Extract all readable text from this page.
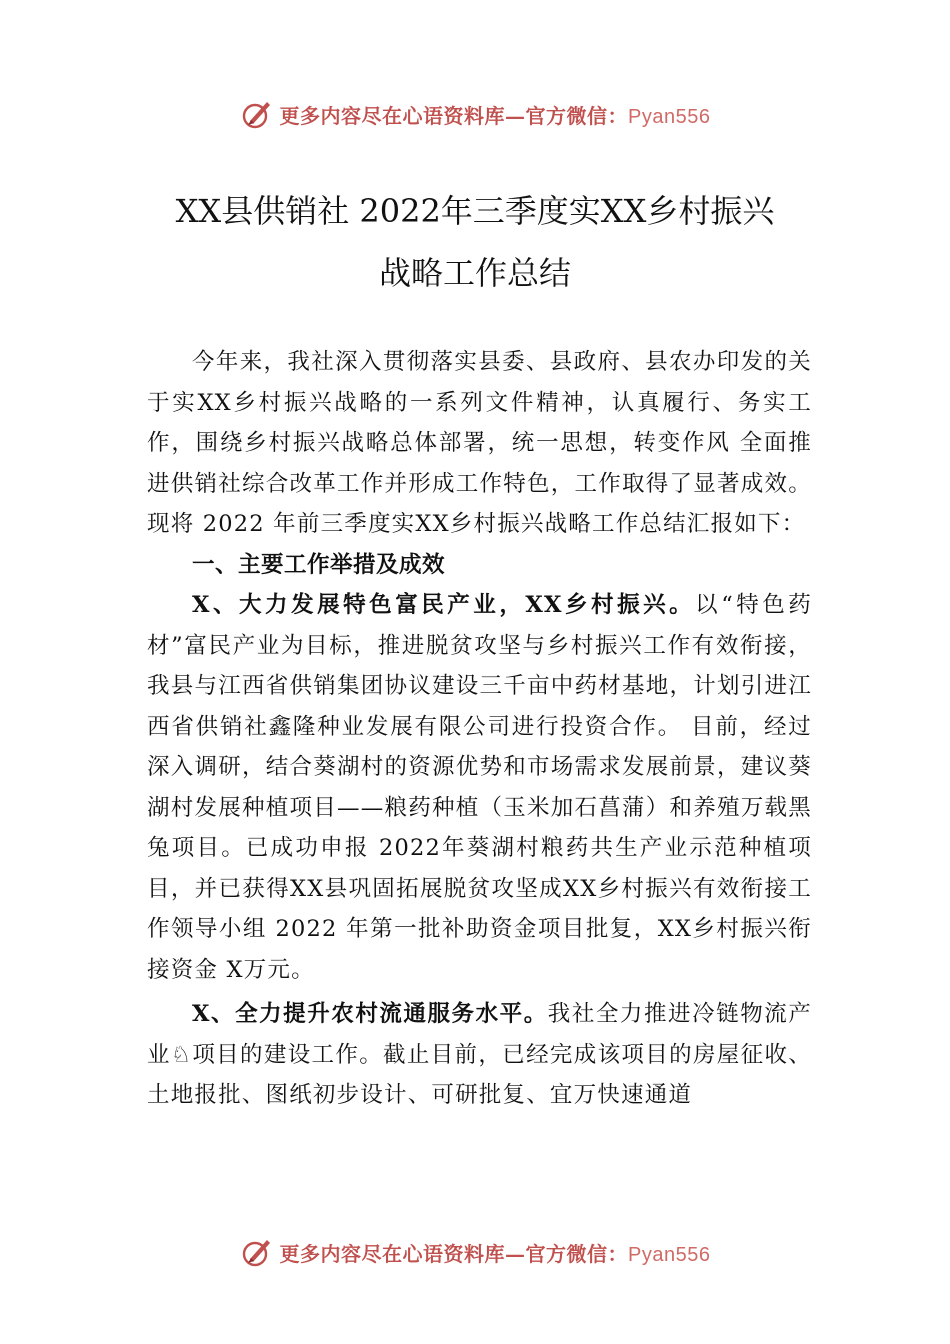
更多内容尽在心语资料库—官方微信：Pyan556
XX县供销社 2022年三季度实XX乡村振兴
战略工作总结

今年来，我社深入贯彻落实县委、县政府、县农办印发的关于实XX乡村振兴战略的一系列文件精神，认真履行、务实工作，围绕乡村振兴战略总体部署，统一思想，转变作风 全面推进供销社综合改革工作并形成工作特色，工作取得了显著成效。现将 2022 年前三季度实XX乡村振兴战略工作总结汇报如下：

一、主要工作举措及成效

X、大力发展特色富民产业，XX乡村振兴。以“特色药材”富民产业为目标，推进脱贫攻坚与乡村振兴工作有效衔接，我县与江西省供销集团协议建设三千亩中药材基地，计划引进江西省供销社鑫隆种业发展有限公司进行投资合作。 目前，经过深入调研，结合葵湖村的资源优势和市场需求发展前景，建议葵湖村发展种植项目——粮药种植（玉米加石菖蒲）和养殖万载黑兔项目。已成功申报 2022年葵湖村粮药共生产业示范种植项目，并已获得XX县巩固拓展脱贫攻坚成XX乡村振兴有效衔接工作领导小组 2022 年第一批补助资金项目批复，XX乡村振兴衔接资金 X万元。

X、全力提升农村流通服务水平。我社全力推进冷链物流产业♘项目的建设工作。截止目前，已经完成该项目的房屋征收、土地报批、图纸初步设计、可研批复、宜万快速通道

更多内容尽在心语资料库—官方微信：Pyan556
